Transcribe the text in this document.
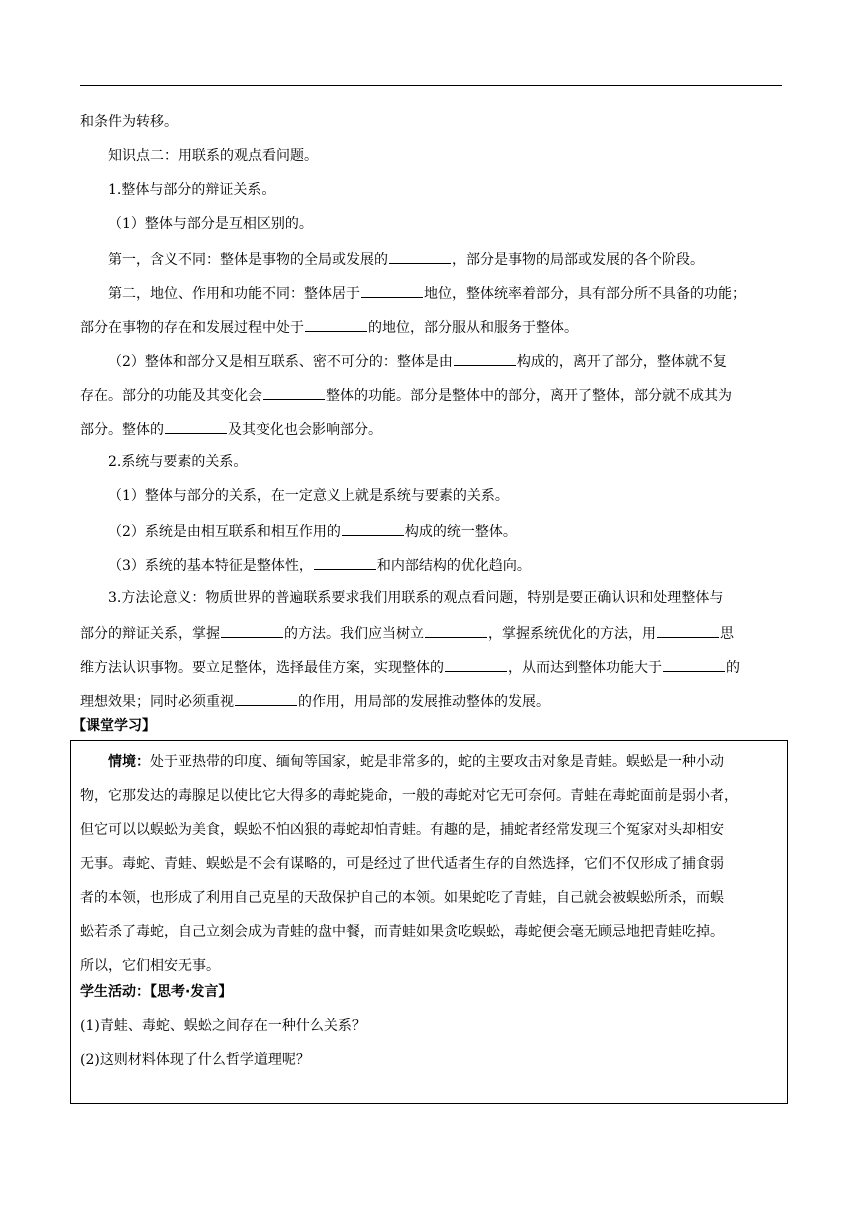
和条件为转移。
知识点二：用联系的观点看问题。
1.整体与部分的辩证关系。
（1）整体与部分是互相区别的。
第一，含义不同：整体是事物的全局或发展的	，部分是事物的局部或发展的各个阶段。
第二，地位、作用和功能不同：整体居于	地位，整体统率着部分，具有部分所不具备的功能；
部分在事物的存在和发展过程中处于	的地位，部分服从和服务于整体。
（2）整体和部分又是相互联系、密不可分的：整体是由	构成的，离开了部分，整体就不复
存在。部分的功能及其变化会	整体的功能。部分是整体中的部分，离开了整体，部分就不成其为
部分。整体的	及其变化也会影响部分。
2.系统与要素的关系。
（1）整体与部分的关系，在一定意义上就是系统与要素的关系。
（2）系统是由相互联系和相互作用的	构成的统一整体。
（3）系统的基本特征是整体性，	和内部结构的优化趋向。
3.方法论意义：物质世界的普遍联系要求我们用联系的观点看问题，特别是要正确认识和处理整体与
部分的辩证关系，掌握	的方法。我们应当树立	，掌握系统优化的方法，用	思
维方法认识事物。要立足整体，选择最佳方案，实现整体的	，从而达到整体功能大于	的
理想效果；同时必须重视	的作用，用局部的发展推动整体的发展。
【课堂学习】
情境：处于亚热带的印度、缅甸等国家，蛇是非常多的，蛇的主要攻击对象是青蛙。蜈蚣是一种小动
物，它那发达的毒腺足以使比它大得多的毒蛇毙命，一般的毒蛇对它无可奈何。青蛙在毒蛇面前是弱小者，
但它可以以蜈蚣为美食，蜈蚣不怕凶狠的毒蛇却怕青蛙。有趣的是，捕蛇者经常发现三个冤家对头却相安
无事。毒蛇、青蛙、蜈蚣是不会有谋略的，可是经过了世代适者生存的自然选择，它们不仅形成了捕食弱
者的本领，也形成了利用自己克星的天敌保护自己的本领。如果蛇吃了青蛙，自己就会被蜈蚣所杀，而蜈
蚣若杀了毒蛇，自己立刻会成为青蛙的盘中餐，而青蛙如果贪吃蜈蚣，毒蛇便会毫无顾忌地把青蛙吃掉。
所以，它们相安无事。
学生活动：【思考·发言】
(1)青蛙、毒蛇、蜈蚣之间存在一种什么关系？
(2)这则材料体现了什么哲学道理呢？
